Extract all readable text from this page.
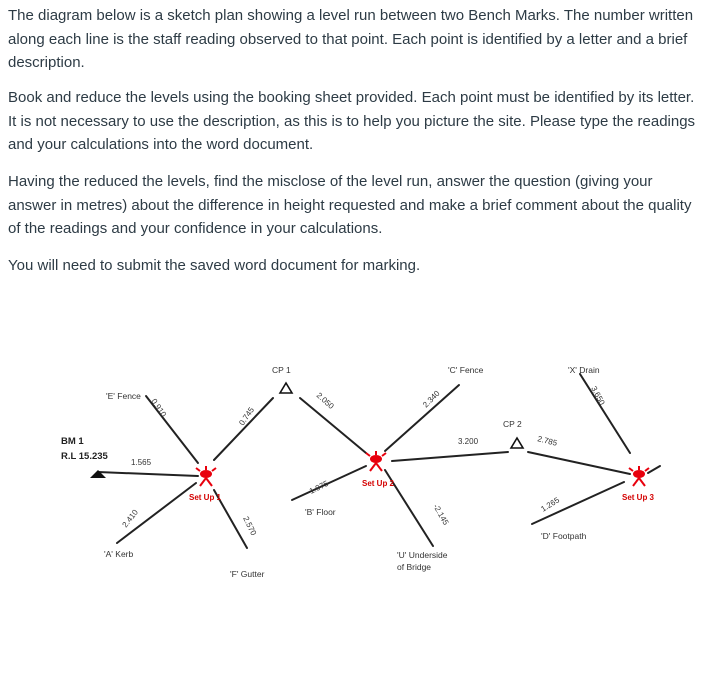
The diagram below is a sketch plan showing a level run between two Bench Marks. The number written along each line is the staff reading observed to that point. Each point is identified by a letter and a brief description.

Book and reduce the levels using the booking sheet provided. Each point must be identified by its letter. It is not necessary to use the description, as this is to help you picture the site. Please type the readings and your calculations into the word document.

Having the reduced the levels, find the misclose of the level run, answer the question (giving your answer in metres) about the difference in height requested and make a brief comment about the quality of the readings and your confidence in your calculations.

You will need to submit the saved word document for marking.

Set Up 1
Set Up 2
Set Up 3
BM 1
R.L 15.235
'E' Fence
'A' Kerb
'F' Gutter
CP 1
'B' Floor
'C' Fence
'U' Underside
of Bridge
CP 2
'X' Drain
'D' Footpath
1.565
0.910
2.410
0.745
2.570
2.050
1.975
2.340
-2.145
3.200	2.785
3.650
1.265
